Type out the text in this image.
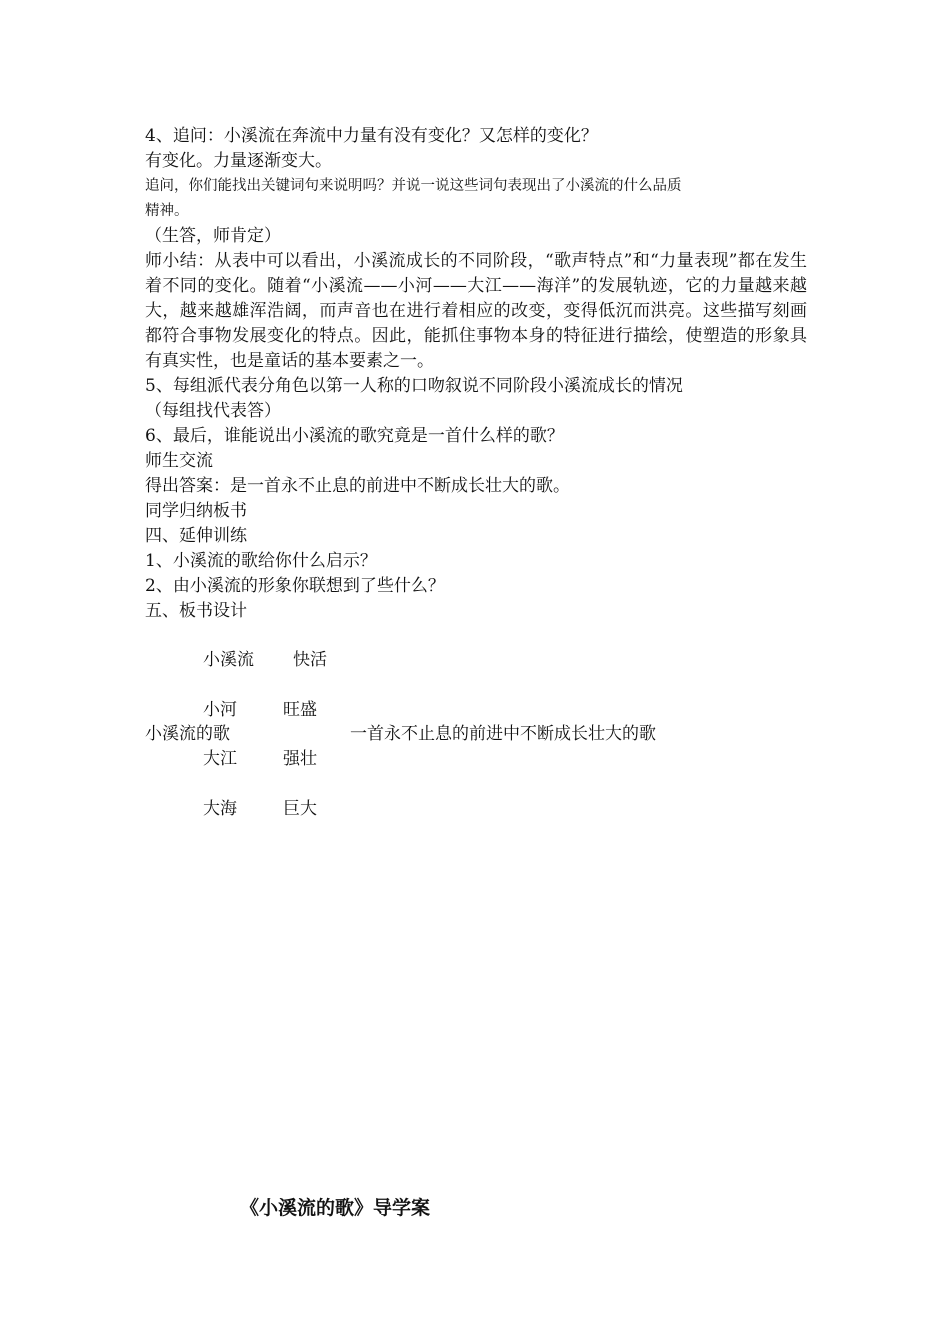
4、追问：小溪流在奔流中力量有没有变化？又怎样的变化？
有变化。力量逐渐变大。
追问，你们能找出关键词句来说明吗？并说一说这些词句表现出了小溪流的什么品质
精神。
（生答，师肯定）
师小结：从表中可以看出，小溪流成长的不同阶段，“歌声特点”和“力量表现”都在发生着不同的变化。随着“小溪流——小河——大江——海洋”的发展轨迹，它的力量越来越大，越来越雄浑浩阔，而声音也在进行着相应的改变，变得低沉而洪亮。这些描写刻画都符合事物发展变化的特点。因此，能抓住事物本身的特征进行描绘，使塑造的形象具有真实性，也是童话的基本要素之一。
5、每组派代表分角色以第一人称的口吻叙说不同阶段小溪流成长的情况
（每组找代表答）
6、最后，谁能说出小溪流的歌究竟是一首什么样的歌？
师生交流
得出答案：是一首永不止息的前进中不断成长壮大的歌。
同学归纳板书
四、延伸训练
1、小溪流的歌给你什么启示？
2、由小溪流的形象你联想到了些什么？
五、板书设计
小溪流 快活
小河	旺盛
小溪流的歌	一首永不止息的前进中不断成长壮大的歌
大江	强壮
大海	巨大
《小溪流的歌》导学案
